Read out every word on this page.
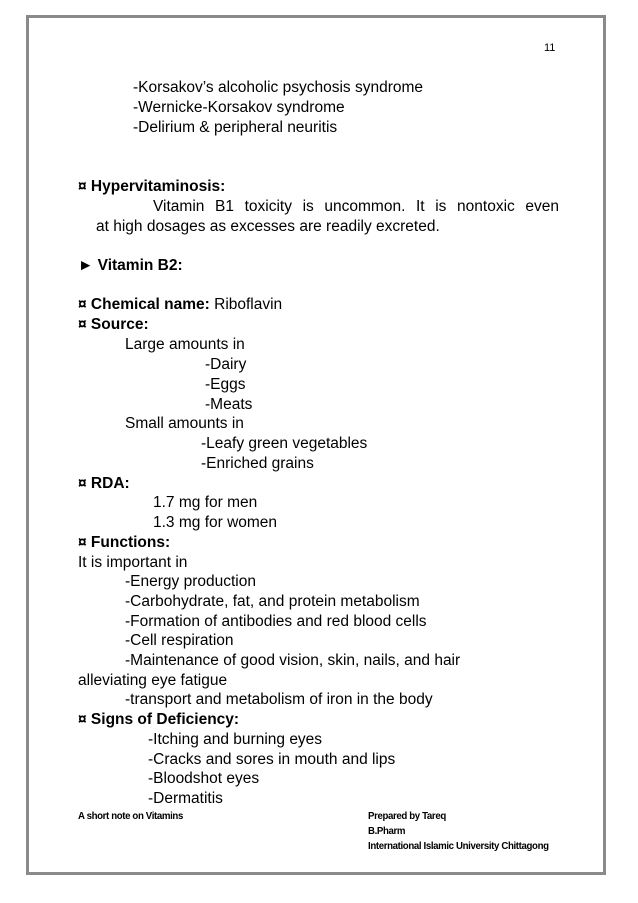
11
-Korsakov’s alcoholic psychosis syndrome
-Wernicke-Korsakov syndrome
-Delirium & peripheral neuritis
¤ Hypervitaminosis:
Vitamin B1 toxicity is uncommon. It is nontoxic even
at high dosages as excesses are readily excreted.
► Vitamin B2:
¤ Chemical name: Riboflavin
¤ Source:
Large amounts in
-Dairy
-Eggs
-Meats
Small amounts in
-Leafy green vegetables
-Enriched grains
¤ RDA:
1.7 mg for men
1.3 mg for women
¤ Functions:
It is important in
-Energy production
-Carbohydrate, fat, and protein metabolism
-Formation of antibodies and red blood cells
-Cell respiration
-Maintenance of good vision, skin, nails, and hair
alleviating eye fatigue
-transport and metabolism of iron in the body
¤ Signs of Deficiency:
-Itching and burning eyes
-Cracks and sores in mouth and lips
-Bloodshot eyes
-Dermatitis
A short note on Vitamins	Prepared by Tareq
B.Pharm
International Islamic University Chittagong
